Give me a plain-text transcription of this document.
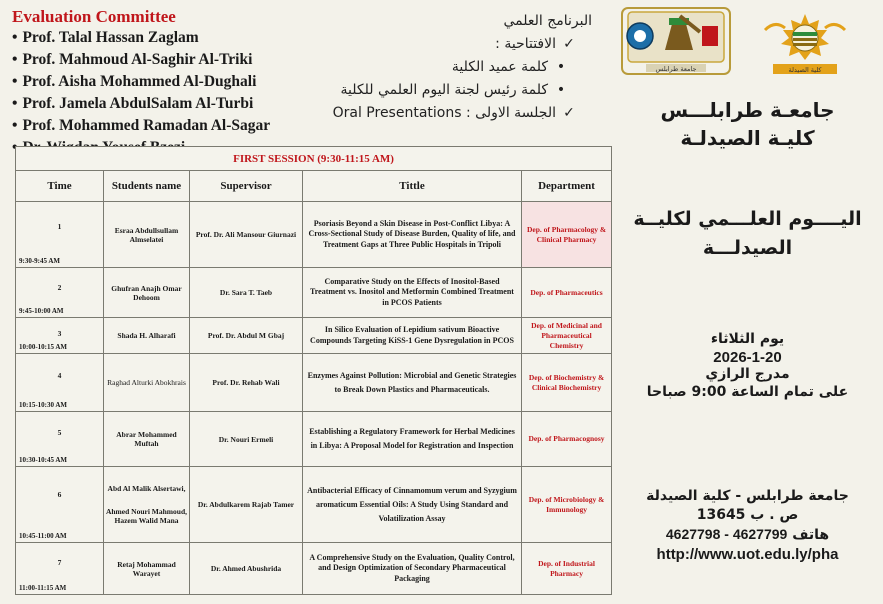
Evaluation Committee
• Prof. Talal Hassan Zaglam
• Prof. Mahmoud Al-Saghir Al-Triki
• Prof. Aisha Mohammed Al-Dughali
• Prof. Jamela AbdulSalam Al-Turbi
• Prof. Mohammed Ramadan Al-Sagar
•
البرنامج العلمي
✓الافتتاحية :
•كلمة عميد الكلية
•كلمة رئيس لجنة اليوم العلمي للكلية
✓الجلسة الاولى : Oral Presentations
FIRST SESSION (9:30-11:15 AM)				
Time	Students name	Supervisor	Tittle	Department

1
9:30-9:45 AM	Esraa Abdullsullam Almselatei	Prof. Dr. Ali Mansour Giurnazi	Psoriasis Beyond a Skin Disease in Post-Conflict Libya: A Cross-Sectional Study of Disease Burden, Quality of life, and Treatment Gaps at Three Public Hospitals in Tripoli	Dep. of Pharmacology & Clinical Pharmacy

2
9:45-10:00 AM	Ghufran Anajh Omar Dehoom	Dr. Sara T. Taeb	Comparative Study on the Effects of Inositol-Based Treatment vs. Inositol and Metformin Combined Treatment in PCOS Patients	Dep. of Pharmaceutics

3
10:00-10:15 AM	Shada H. Alharafi	Prof. Dr. Abdul M Gbaj	In Silico Evaluation of Lepidium sativum Bioactive Compounds Targeting KiSS-1 Gene Dysregulation in PCOS	Dep. of Medicinal and Pharmaceutical Chemistry

4
10:15-10:30 AM	Raghad Alturki Abokhrais	Prof. Dr. Rehab Wali	Enzymes Against Pollution: Microbial and Genetic Strategies to Break Down Plastics and Pharmaceuticals.	Dep. of Biochemistry & Clinical Biochemistry

5
10:30-10:45 AM	Abrar Mohammed Muftah	Dr. Nouri Ermeli	Establishing a Regulatory Framework for Herbal Medicines in Libya: A Proposal Model for Registration and Inspection	Dep. of Pharmacognosy

6
10:45-11:00 AM	Abd Al Malik Alsertawi,
Ahmed Nouri Mahmoud, Hazem Walid Mana	Dr. Abdulkarem Rajab Tamer	Antibacterial Efficacy of Cinnamomum verum and Syzygium aromaticum Essential Oils: A Study Using Standard and Volatilization Assay	Dep. of Microbiology & Immunology

7
11:00-11:15 AM	Retaj Mohammad Warayet	Dr. Ahmed Abushrida	A Comprehensive Study on the Evaluation, Quality Control, and Design Optimization of Secondary Pharmaceutical Packaging	Dep. of Industrial Pharmacy
جامعة طرابلس	كلية الصيدلة
جامعـة طرابلـــس
كليـة الصيدلـة
اليــــوم العلـــمي لكليــة
الصيدلـــة
يوم الثلاثاء
2026-1-20
مدرج الرازي
على تمام الساعة 9:00 صباحا
جامعة طرابلس - كلية الصيدلة
ص . ب 13645
هاتف 4627798 - 4627799
http://www.uot.edu.ly/pha
